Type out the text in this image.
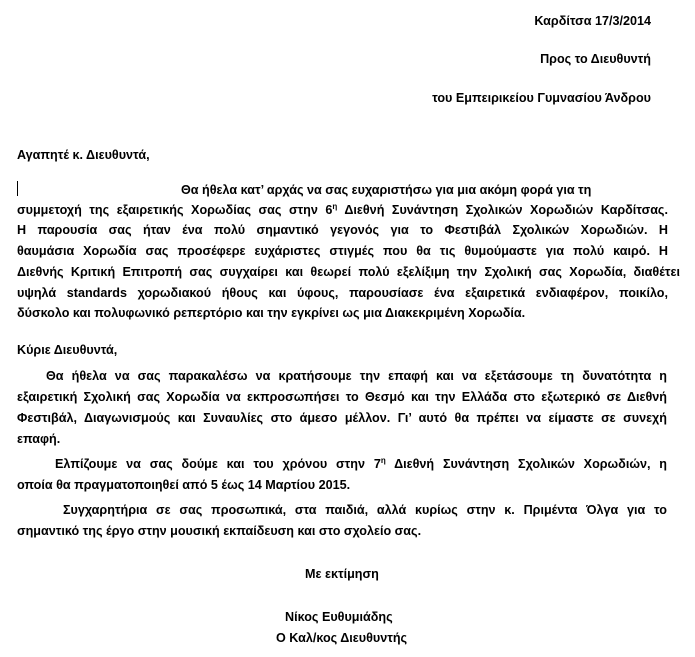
Καρδίτσα 17/3/2014
Προς το Διευθυντή
του Εμπειρικείου Γυμνασίου Άνδρου
Αγαπητέ κ. Διευθυντά,
Θα ήθελα κατ’ αρχάς να σας ευχαριστήσω για μια ακόμη φορά για τη
συμμετοχή της εξαιρετικής Χορωδίας σας στην $6^\eta$ Διεθνή Συνάντηση Σχολικών Χορωδιών Καρδίτσας.
Η παρουσία σας ήταν ένα πολύ σημαντικό γεγονός για το Φεστιβάλ Σχολικών Χορωδιών. Η
θαυμάσια Χορωδία σας προσέφερε ευχάριστες στιγμές που θα τις θυμούμαστε για πολύ καιρό. Η
Διεθνής Κριτική Επιτροπή σας συγχαίρει και θεωρεί πολύ εξελίξιμη την Σχολική σας Χορωδία, διαθέτει
υψηλά standards χορωδιακού ήθους και ύφους, παρουσίασε ένα εξαιρετικά ενδιαφέρον, ποικίλο,
δύσκολο και πολυφωνικό ρεπερτόριο και την εγκρίνει ως μια Διακεκριμένη Χορωδία.
Κύριε Διευθυντά,
Θα ήθελα να σας παρακαλέσω να κρατήσουμε την επαφή και να εξετάσουμε τη δυνατότητα η
εξαιρετική Σχολική σας Χορωδία να εκπροσωπήσει το Θεσμό και την Ελλάδα στο εξωτερικό σε Διεθνή
Φεστιβάλ, Διαγωνισμούς και Συναυλίες στο άμεσο μέλλον. Γι’ αυτό θα πρέπει να είμαστε σε συνεχή
επαφή.
Ελπίζουμε να σας δούμε και του χρόνου στην $7^\eta$ Διεθνή Συνάντηση Σχολικών Χορωδιών, η
οποία θα πραγματοποιηθεί από 5 έως 14 Μαρτίου 2015.
Συγχαρητήρια σε σας προσωπικά, στα παιδιά, αλλά κυρίως στην κ. Πριμέντα Όλγα για το
σημαντικό της έργο στην μουσική εκπαίδευση και στο σχολείο σας.
Με εκτίμηση
Νίκος Ευθυμιάδης
Ο Καλ/κος Διευθυντής
